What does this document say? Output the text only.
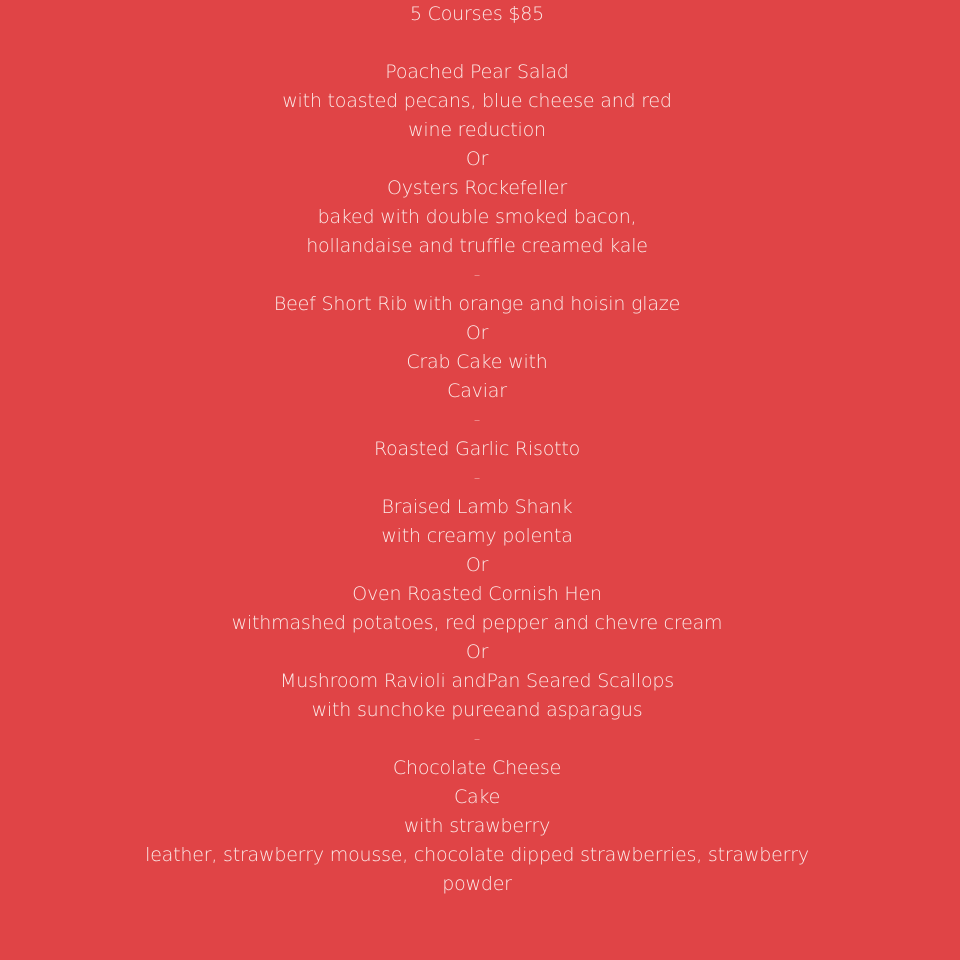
5 Courses $85
Poached Pear Salad
with toasted pecans, blue cheese and red
wine reduction
Or
Oysters Rockefeller
baked with double smoked bacon,
hollandaise and truffle creamed kale
-
Beef Short Rib with orange and hoisin glaze
Or
Crab Cake with
Caviar
-
Roasted Garlic Risotto
-
Braised Lamb Shank
with creamy polenta
Or
Oven Roasted Cornish Hen
withmashed potatoes, red pepper and chevre cream
Or
Mushroom Ravioli andPan Seared Scallops
with sunchoke pureeand asparagus
-
Chocolate Cheese
Cake
with strawberry
leather, strawberry mousse, chocolate dipped strawberries, strawberry
powder
